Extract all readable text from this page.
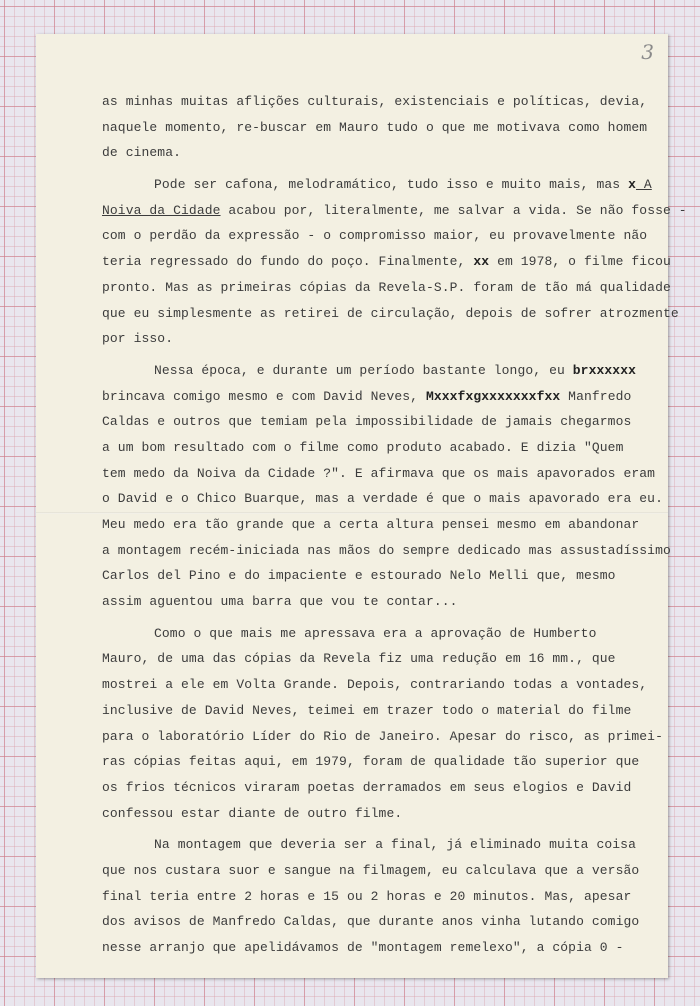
3
as minhas muitas aflições culturais, existenciais e políticas, devia,
naquele momento, re-buscar em Mauro tudo o que me motivava como homem
de cinema.
Pode ser cafona, melodramático, tudo isso e muito mais, mas x A
Noiva da Cidade acabou por, literalmente, me salvar a vida. Se não fosse -
com o perdão da expressão - o compromisso maior, eu provavelmente não
teria regressado do fundo do poço. Finalmente, xx em 1978, o filme ficou
pronto. Mas as primeiras cópias da Revela-S.P. foram de tão má qualidade
que eu simplesmente as retirei de circulação, depois de sofrer atrozmente
por isso.
Nessa época, e durante um período bastante longo, eu brxxxxxx
brincava comigo mesmo e com David Neves, Mxxxfxgxxxxxxxfxx Manfredo
Caldas e outros que temiam pela impossibilidade de jamais chegarmos
a um bom resultado com o filme como produto acabado. E dizia "Quem
tem medo da Noiva da Cidade ?". E afirmava que os mais apavorados eram
o David e o Chico Buarque, mas a verdade é que o mais apavorado era eu.
Meu medo era tão grande que a certa altura pensei mesmo em abandonar
a montagem recém-iniciada nas mãos do sempre dedicado mas assustadíssimo
Carlos del Pino e do impaciente e estourado Nelo Melli que, mesmo
assim aguentou uma barra que vou te contar...
Como o que mais me apressava era a aprovação de Humberto
Mauro, de uma das cópias da Revela fiz uma redução em 16 mm., que
mostrei a ele em Volta Grande. Depois, contrariando todas a vontades,
inclusive de David Neves, teimei em trazer todo o material do filme
para o laboratório Líder do Rio de Janeiro. Apesar do risco, as primei-
ras cópias feitas aqui, em 1979, foram de qualidade tão superior que
os frios técnicos viraram poetas derramados em seus elogios e David
confessou estar diante de outro filme.
Na montagem que deveria ser a final, já eliminado muita coisa
que nos custara suor e sangue na filmagem, eu calculava que a versão
final teria entre 2 horas e 15 ou 2 horas e 20 minutos. Mas, apesar
dos avisos de Manfredo Caldas, que durante anos vinha lutando comigo
nesse arranjo que apelidávamos de "montagem remelexo", a cópia 0 -
